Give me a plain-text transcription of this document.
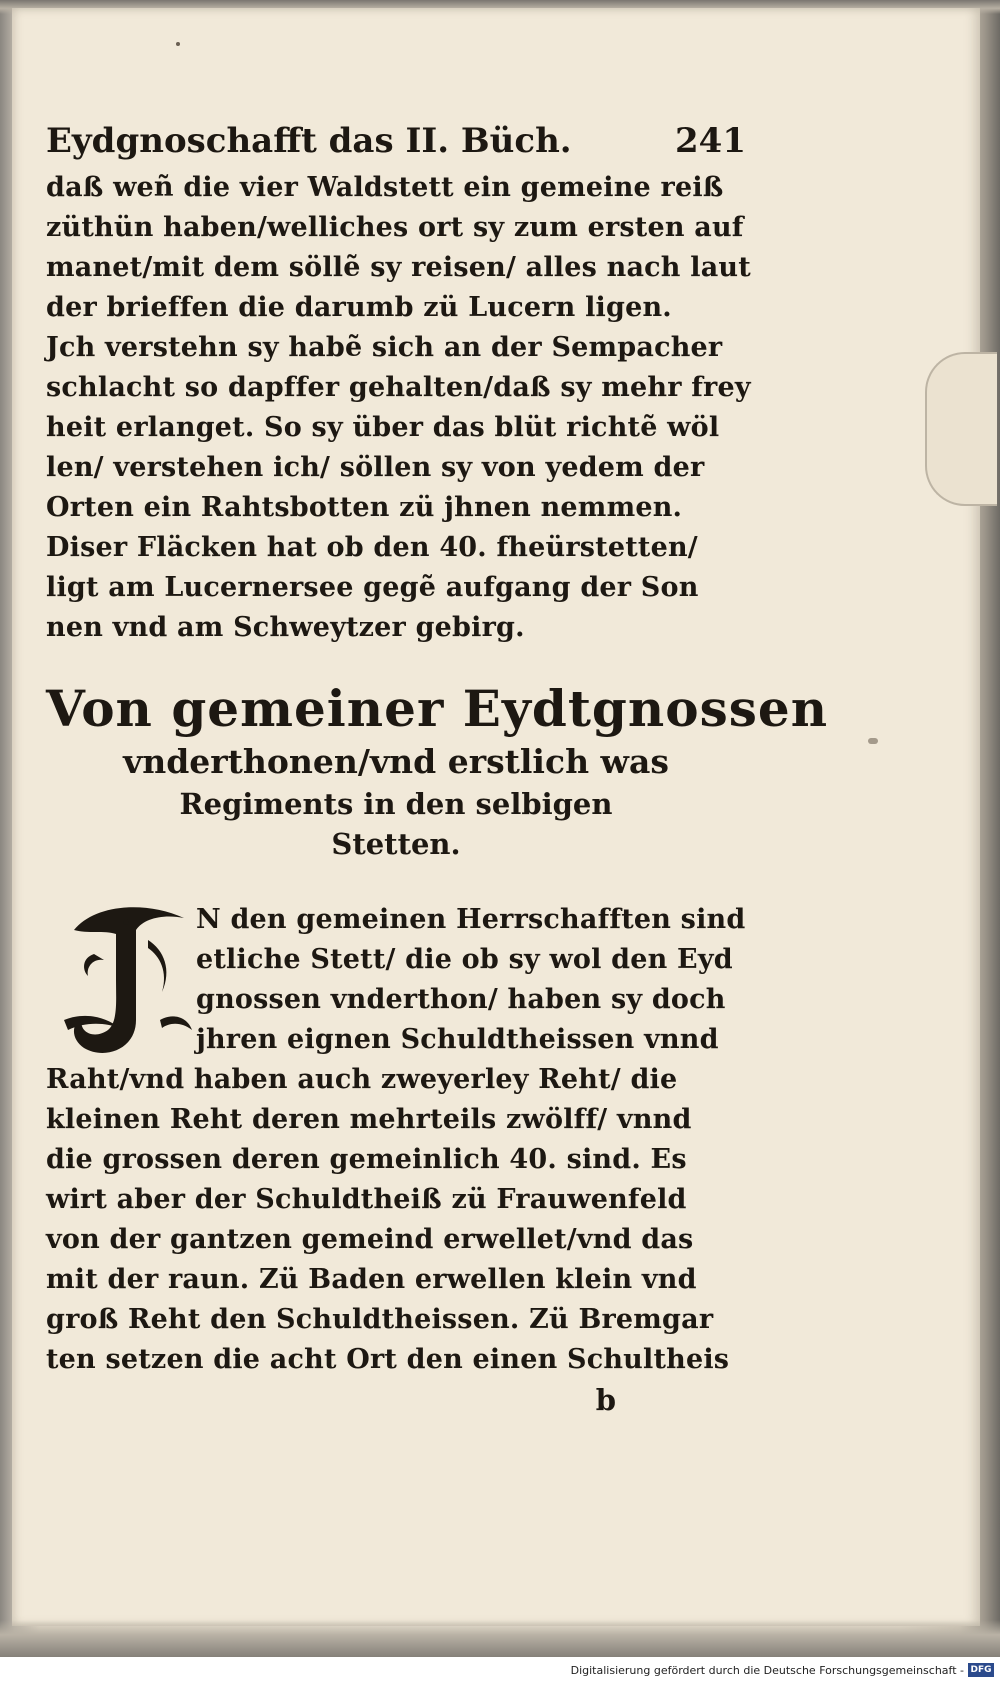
Eydgnoschafft das II. Büch.	241
daß weñ die vier Waldstett ein gemeine reiß
züthün haben/welliches ort sy zum ersten auf
manet/mit dem söllẽ sy reisen/ alles nach laut
der brieffen die darumb zü Lucern ligen.
Jch verstehn sy habẽ sich an der Sempacher
schlacht so dapffer gehalten/daß sy mehr frey
heit erlanget. So sy über das blüt richtẽ wöl
len/ verstehen ich/ söllen sy von yedem der
Orten ein Rahtsbotten zü jhnen nemmen.
Diser Fläcken hat ob den 40. fheürstetten/
ligt am Lucernersee gegẽ aufgang der Son
nen vnd am Schweytzer gebirg.
Von gemeiner Eydtgnossen
vnderthonen/vnd erstlich was
Regiments in den selbigen
Stetten.
N den gemeinen Herrschafften sind
etliche Stett/ die ob sy wol den Eyd
gnossen vnderthon/ haben sy doch
jhren eignen Schuldtheissen vnnd
Raht/vnd haben auch zweyerley Reht/ die
kleinen Reht deren mehrteils zwölff/ vnnd
die grossen deren gemeinlich 40. sind. Es
wirt aber der Schuldtheiß zü Frauwenfeld
von der gantzen gemeind erwellet/vnd das
mit der raun. Zü Baden erwellen klein vnd
groß Reht den Schuldtheissen. Zü Bremgar
ten setzen die acht Ort den einen Schultheis
b
Digitalisierung gefördert durch die Deutsche Forschungsgemeinschaft - DFG
